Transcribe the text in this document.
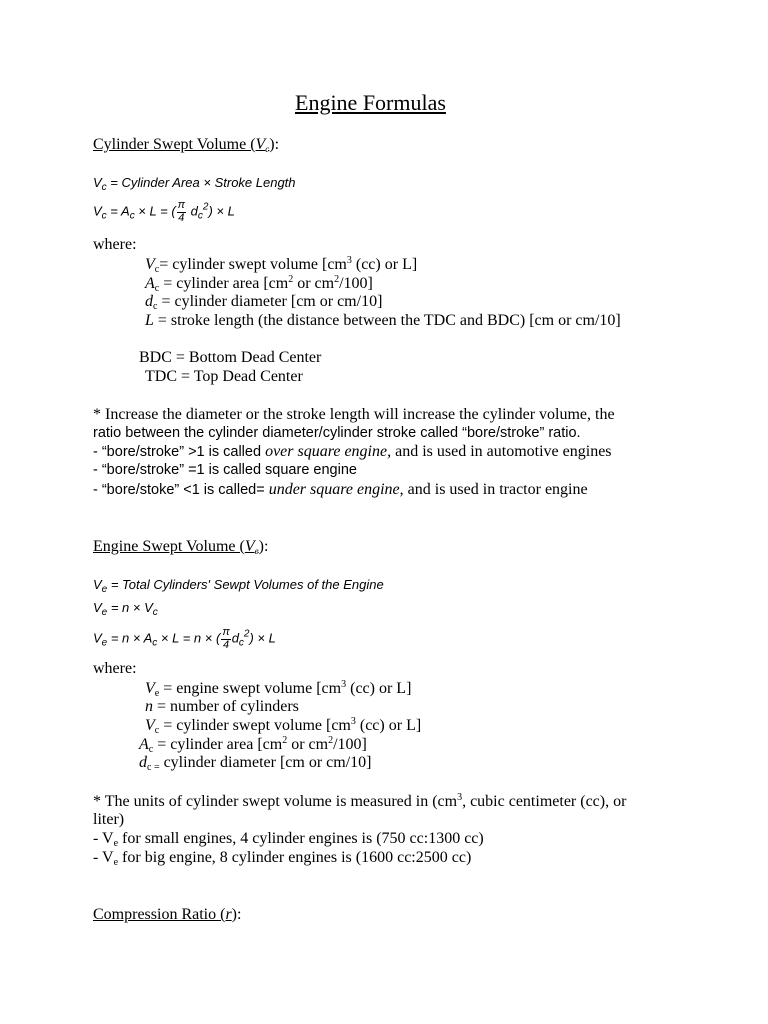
Engine Formulas
Cylinder Swept Volume $(V_c)$:
$V_c$ = Cylinder Area × Stroke Length
$V_c = A_c \times L$ = ( $\frac{\pi}{4} d_c^2) \times L$
where:
$V_c=$ cylinder swept volume [$cm^3$ (cc) or L]
$A_c$ = cylinder area [$cm^2$ or $cm^2/100$]
$d_c$ = cylinder diameter [cm or cm/10]
L = stroke length (the distance between the TDC and BDC) [cm or cm/10]
BDC = Bottom Dead Center
TDC = Top Dead Center
* Increase the diameter or the stroke length will increase the cylinder volume, the
ratio between the cylinder diameter/cylinder stroke called “bore/stroke” ratio.
- “bore/stroke” >1 is called over square engine, and is used in automotive engines
- “bore/stroke” =1 is called square engine
- “bore/stoke” <1 is called= under square engine, and is used in tractor engine
Engine Swept Volume $(V_e)$:
$V_e$ = Total Cylinders' Sewpt Volumes of the Engine
$V_e = n \times V_c$
$V_e = n \times A_c \times L = n$ × ( $\frac{\pi}{4} d_c^2) \times L$
where:
$V_e$ = engine swept volume [$cm^3$ (cc) or L]
n = number of cylinders
$V_c$ = cylinder swept volume [$cm^3$ (cc) or L]
$A_c$ = cylinder area [$cm^2$ or $cm^2/100$]
$d_{c =}$ cylinder diameter [cm or cm/10]
* The units of cylinder swept volume is measured in ($cm^3$, cubic centimeter (cc), or
liter)
- $V_e$ for small engines, 4 cylinder engines is (750 cc:1300 cc)
- $V_e$ for big engine, 8 cylinder engines is (1600 cc:2500 cc)
Compression Ratio (r):
